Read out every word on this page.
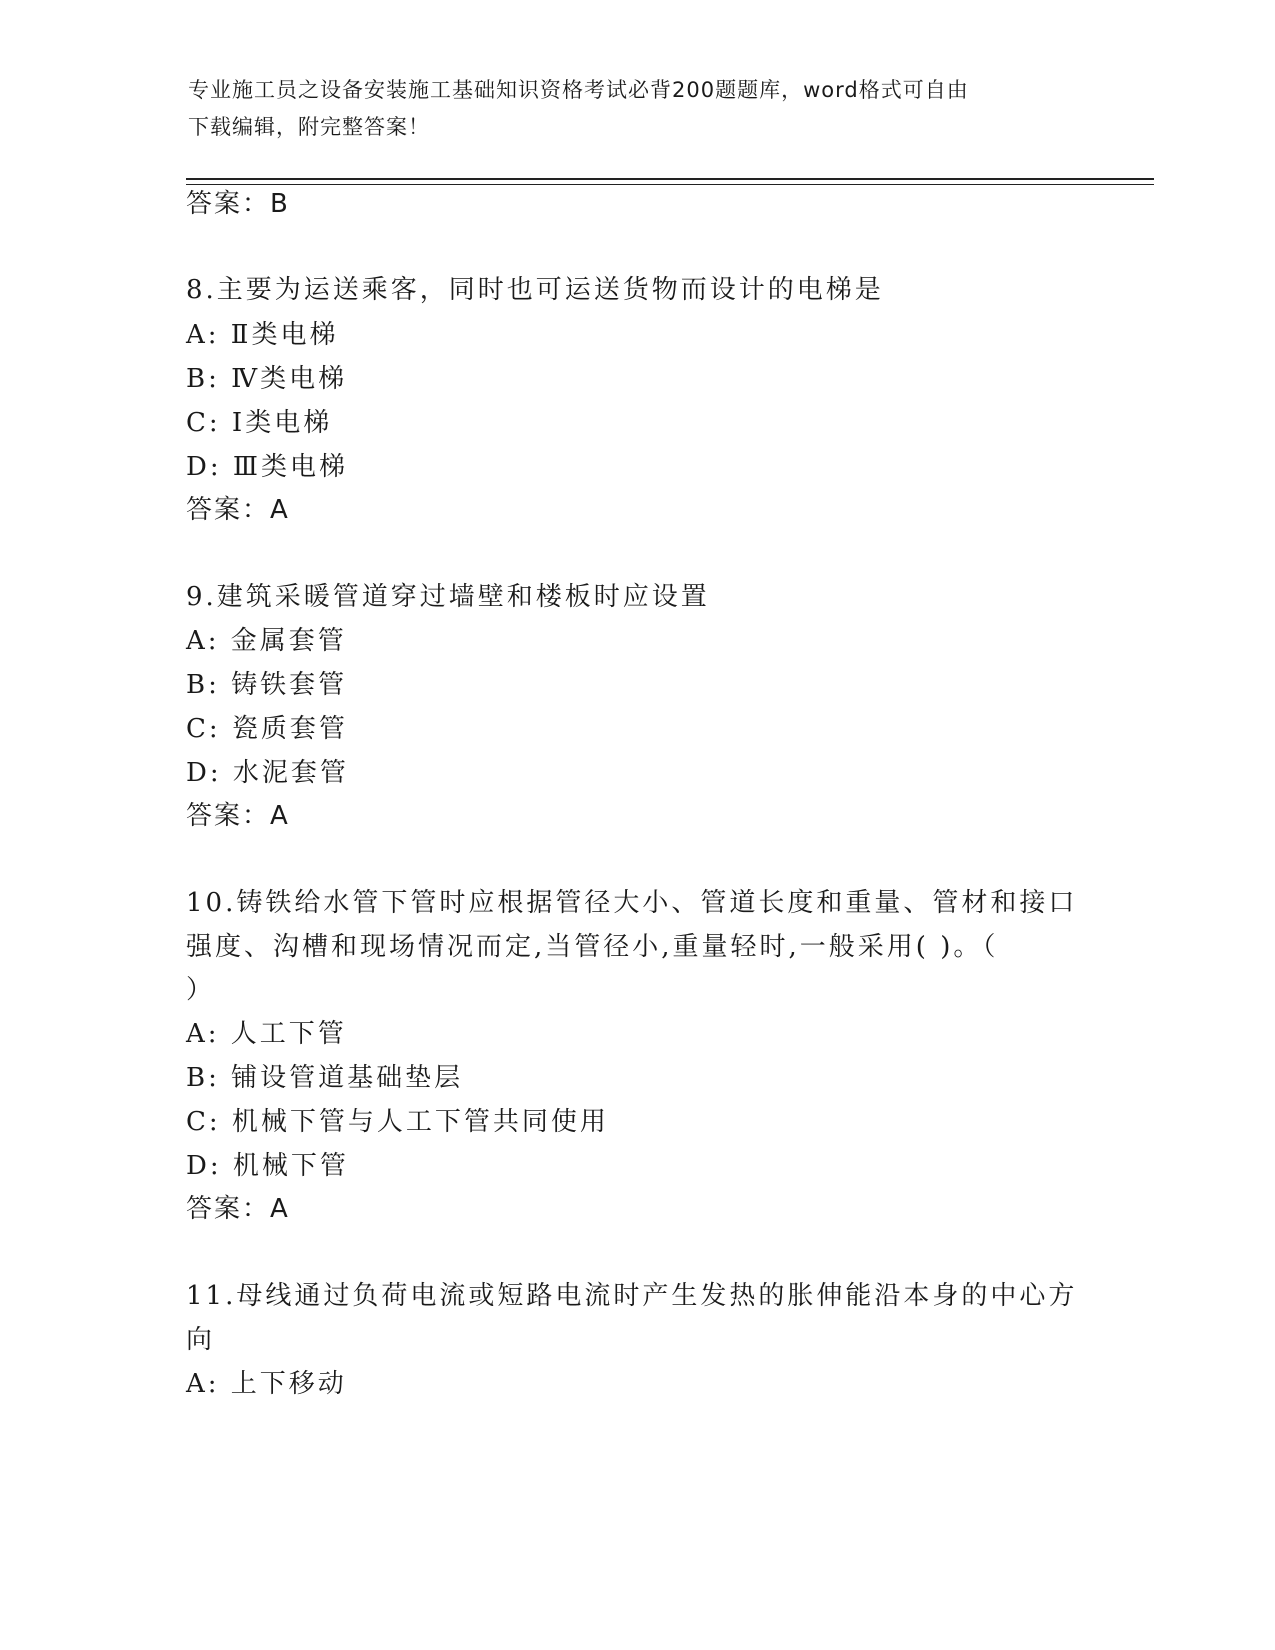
专业施工员之设备安装施工基础知识资格考试必背200题题库，word格式可自由
下载编辑，附完整答案！
答案：B
8.主要为运送乘客，同时也可运送货物而设计的电梯是
A: Ⅱ类电梯
B: Ⅳ类电梯
C: Ⅰ类电梯
D: Ⅲ类电梯
答案：A
9.建筑采暖管道穿过墙壁和楼板时应设置
A: 金属套管
B: 铸铁套管
C: 瓷质套管
D: 水泥套管
答案：A
10.铸铁给水管下管时应根据管径大小、管道长度和重量、管材和接口
强度、沟槽和现场情况而定,当管径小,重量轻时,一般采用( )。（
）
A: 人工下管
B: 铺设管道基础垫层
C: 机械下管与人工下管共同使用
D: 机械下管
答案：A
11.母线通过负荷电流或短路电流时产生发热的胀伸能沿本身的中心方
向
A: 上下移动
